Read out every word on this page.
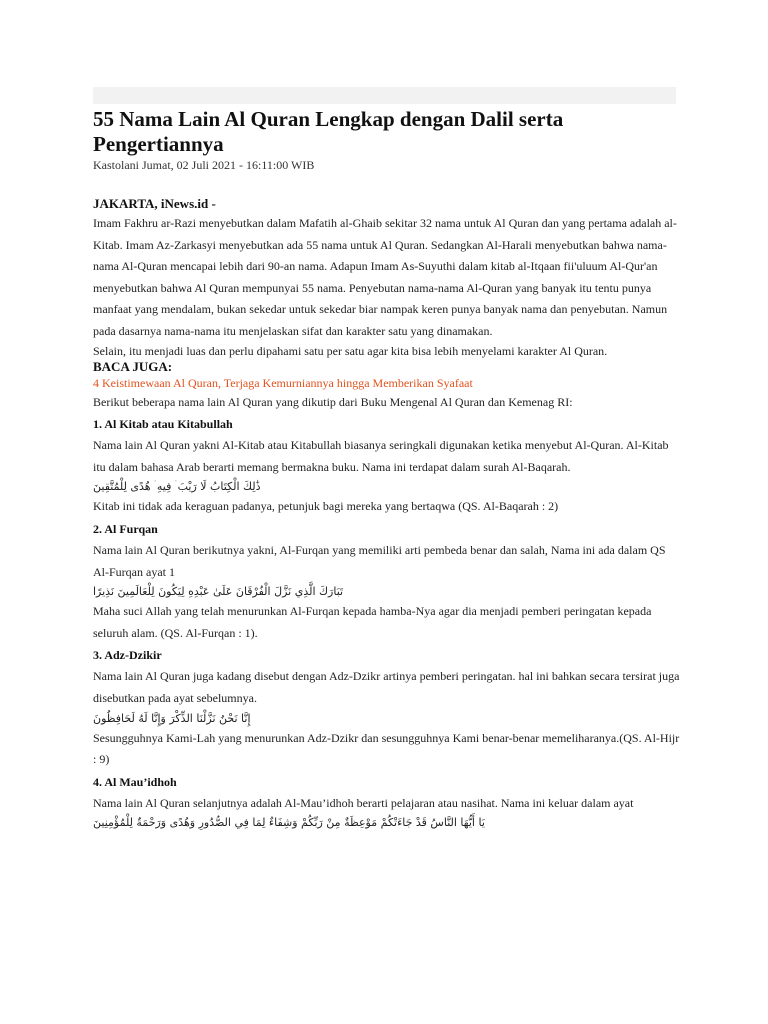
55 Nama Lain Al Quran Lengkap dengan Dalil serta Pengertiannya

Kastolani Jumat, 02 Juli 2021 - 16:11:00 WIB

JAKARTA, iNews.id -

Imam Fakhru ar-Razi menyebutkan dalam Mafatih al-Ghaib sekitar 32 nama untuk Al Quran dan yang pertama adalah al-Kitab. Imam Az-Zarkasyi menyebutkan ada 55 nama untuk Al Quran. Sedangkan Al-Harali menyebutkan bahwa nama-nama Al-Quran mencapai lebih dari 90-an nama. Adapun Imam As-Suyuthi dalam kitab al-Itqaan fii'uluum Al-Qur'an menyebutkan bahwa Al Quran mempunyai 55 nama. Penyebutan nama-nama Al-Quran yang banyak itu tentu punya manfaat yang mendalam, bukan sekedar untuk sekedar biar nampak keren punya banyak nama dan penyebutan. Namun pada dasarnya nama-nama itu menjelaskan sifat dan karakter satu yang dinamakan.

Selain, itu menjadi luas dan perlu dipahami satu per satu agar kita bisa lebih menyelami karakter Al Quran.

BACA JUGA:

4 Keistimewaan Al Quran, Terjaga Kemurniannya hingga Memberikan Syafaat

Berikut beberapa nama lain Al Quran yang dikutip dari Buku Mengenal Al Quran dan Kemenag RI:

1. Al Kitab atau Kitabullah

Nama lain Al Quran yakni Al-Kitab atau Kitabullah biasanya seringkali digunakan ketika menyebut Al-Quran. Al-Kitab itu dalam bahasa Arab berarti memang bermakna buku. Nama ini terdapat dalam surah Al-Baqarah.

ذَٰلِكَ الْكِتَابُ لَا رَيْبَ ۛ فِيهِ ۛ هُدًى لِلْمُتَّقِينَ

Kitab ini tidak ada keraguan padanya, petunjuk bagi mereka yang bertaqwa (QS. Al-Baqarah : 2)

2. Al Furqan

Nama lain Al Quran berikutnya yakni, Al-Furqan yang memiliki arti pembeda benar dan salah, Nama ini ada dalam QS Al-Furqan ayat 1

تَبَارَكَ الَّذِي نَزَّلَ الْفُرْقَانَ عَلَىٰ عَبْدِهِ لِيَكُونَ لِلْعَالَمِينَ نَذِيرًا

Maha suci Allah yang telah menurunkan Al-Furqan kepada hamba-Nya agar dia menjadi pemberi peringatan kepada seluruh alam. (QS. Al-Furqan : 1).

3. Adz-Dzikir

Nama lain Al Quran juga kadang disebut dengan Adz-Dzikr artinya pemberi peringatan. hal ini bahkan secara tersirat juga disebutkan pada ayat sebelumnya.

إِنَّا نَحْنُ نَزَّلْنَا الذِّكْرَ وَإِنَّا لَهُ لَحَافِظُونَ

Sesungguhnya Kami-Lah yang menurunkan Adz-Dzikr dan sesungguhnya Kami benar-benar memeliharanya.(QS. Al-Hijr : 9)

4. Al Mau’idhoh

Nama lain Al Quran selanjutnya adalah Al-Mau’idhoh berarti pelajaran atau nasihat. Nama ini keluar dalam ayat

يَا أَيُّهَا النَّاسُ قَدْ جَاءَتْكُمْ مَوْعِظَةٌ مِنْ رَبِّكُمْ وَشِفَاءٌ لِمَا فِي الصُّدُورِ وَهُدًى وَرَحْمَةٌ لِلْمُؤْمِنِينَ
